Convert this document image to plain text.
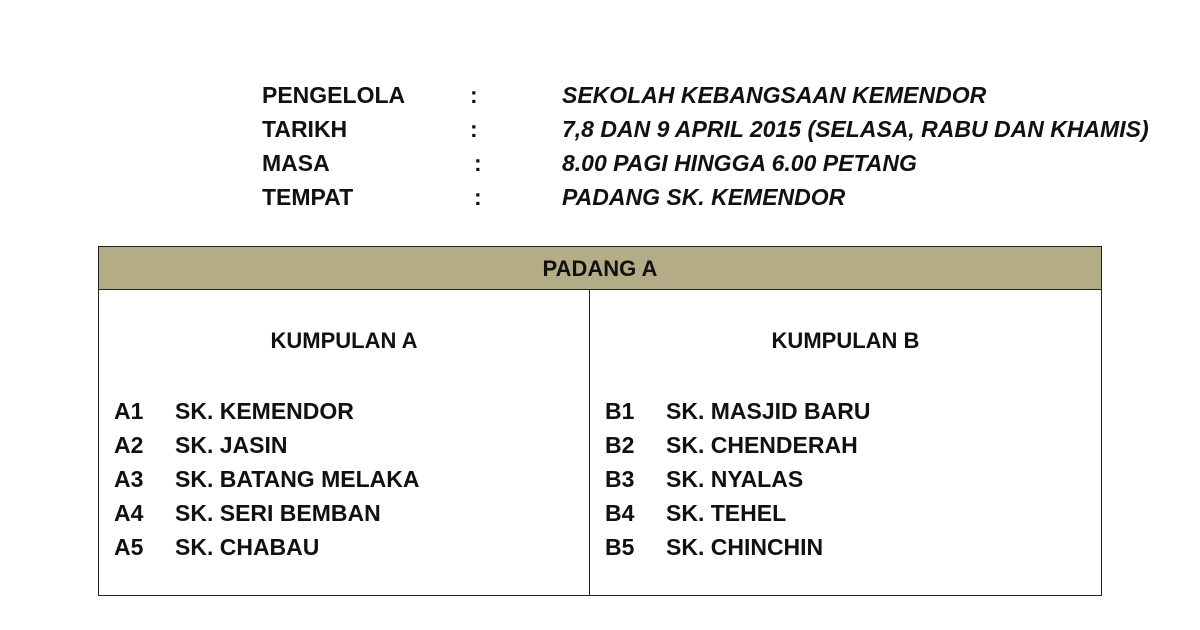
PENGELOLA	:	SEKOLAH KEBANGSAAN KEMENDOR
TARIKH	:	7,8 DAN 9 APRIL 2015 (SELASA, RABU DAN KHAMIS)
MASA	:	8.00 PAGI HINGGA 6.00 PETANG
TEMPAT	:	PADANG SK. KEMENDOR
PADANG A
KUMPULAN A
A1 SK. KEMENDOR
A2 SK. JASIN
A3 SK. BATANG MELAKA
A4 SK. SERI BEMBAN
A5 SK. CHABAU
KUMPULAN B
B1 SK. MASJID BARU
B2 SK. CHENDERAH
B3 SK. NYALAS
B4 SK. TEHEL
B5 SK. CHINCHIN
